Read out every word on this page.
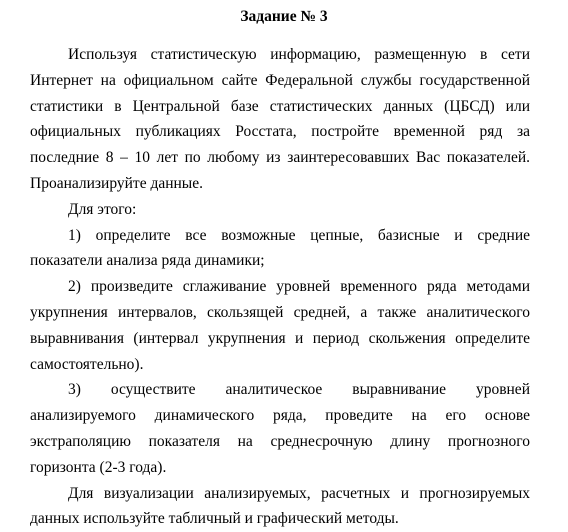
Задание № 3

Используя статистическую информацию, размещенную в сети Интернет на официальном сайте Федеральной службы государственной статистики в Центральной базе статистических данных (ЦБСД) или официальных публикациях Росстата, постройте временной ряд за последние 8 – 10 лет по любому из заинтересовавших Вас показателей. Проанализируйте данные.

Для этого:

1) определите все возможные цепные, базисные и средние показатели анализа ряда динамики;

2) произведите сглаживание уровней временного ряда методами укрупнения интервалов, скользящей средней, а также аналитического выравнивания (интервал укрупнения и период скольжения определите самостоятельно).

3) осуществите аналитическое выравнивание уровней анализируемого динамического ряда, проведите на его основе экстраполяцию показателя на среднесрочную длину прогнозного горизонта (2-3 года).

Для визуализации анализируемых, расчетных и прогнозируемых данных используйте табличный и графический методы.
